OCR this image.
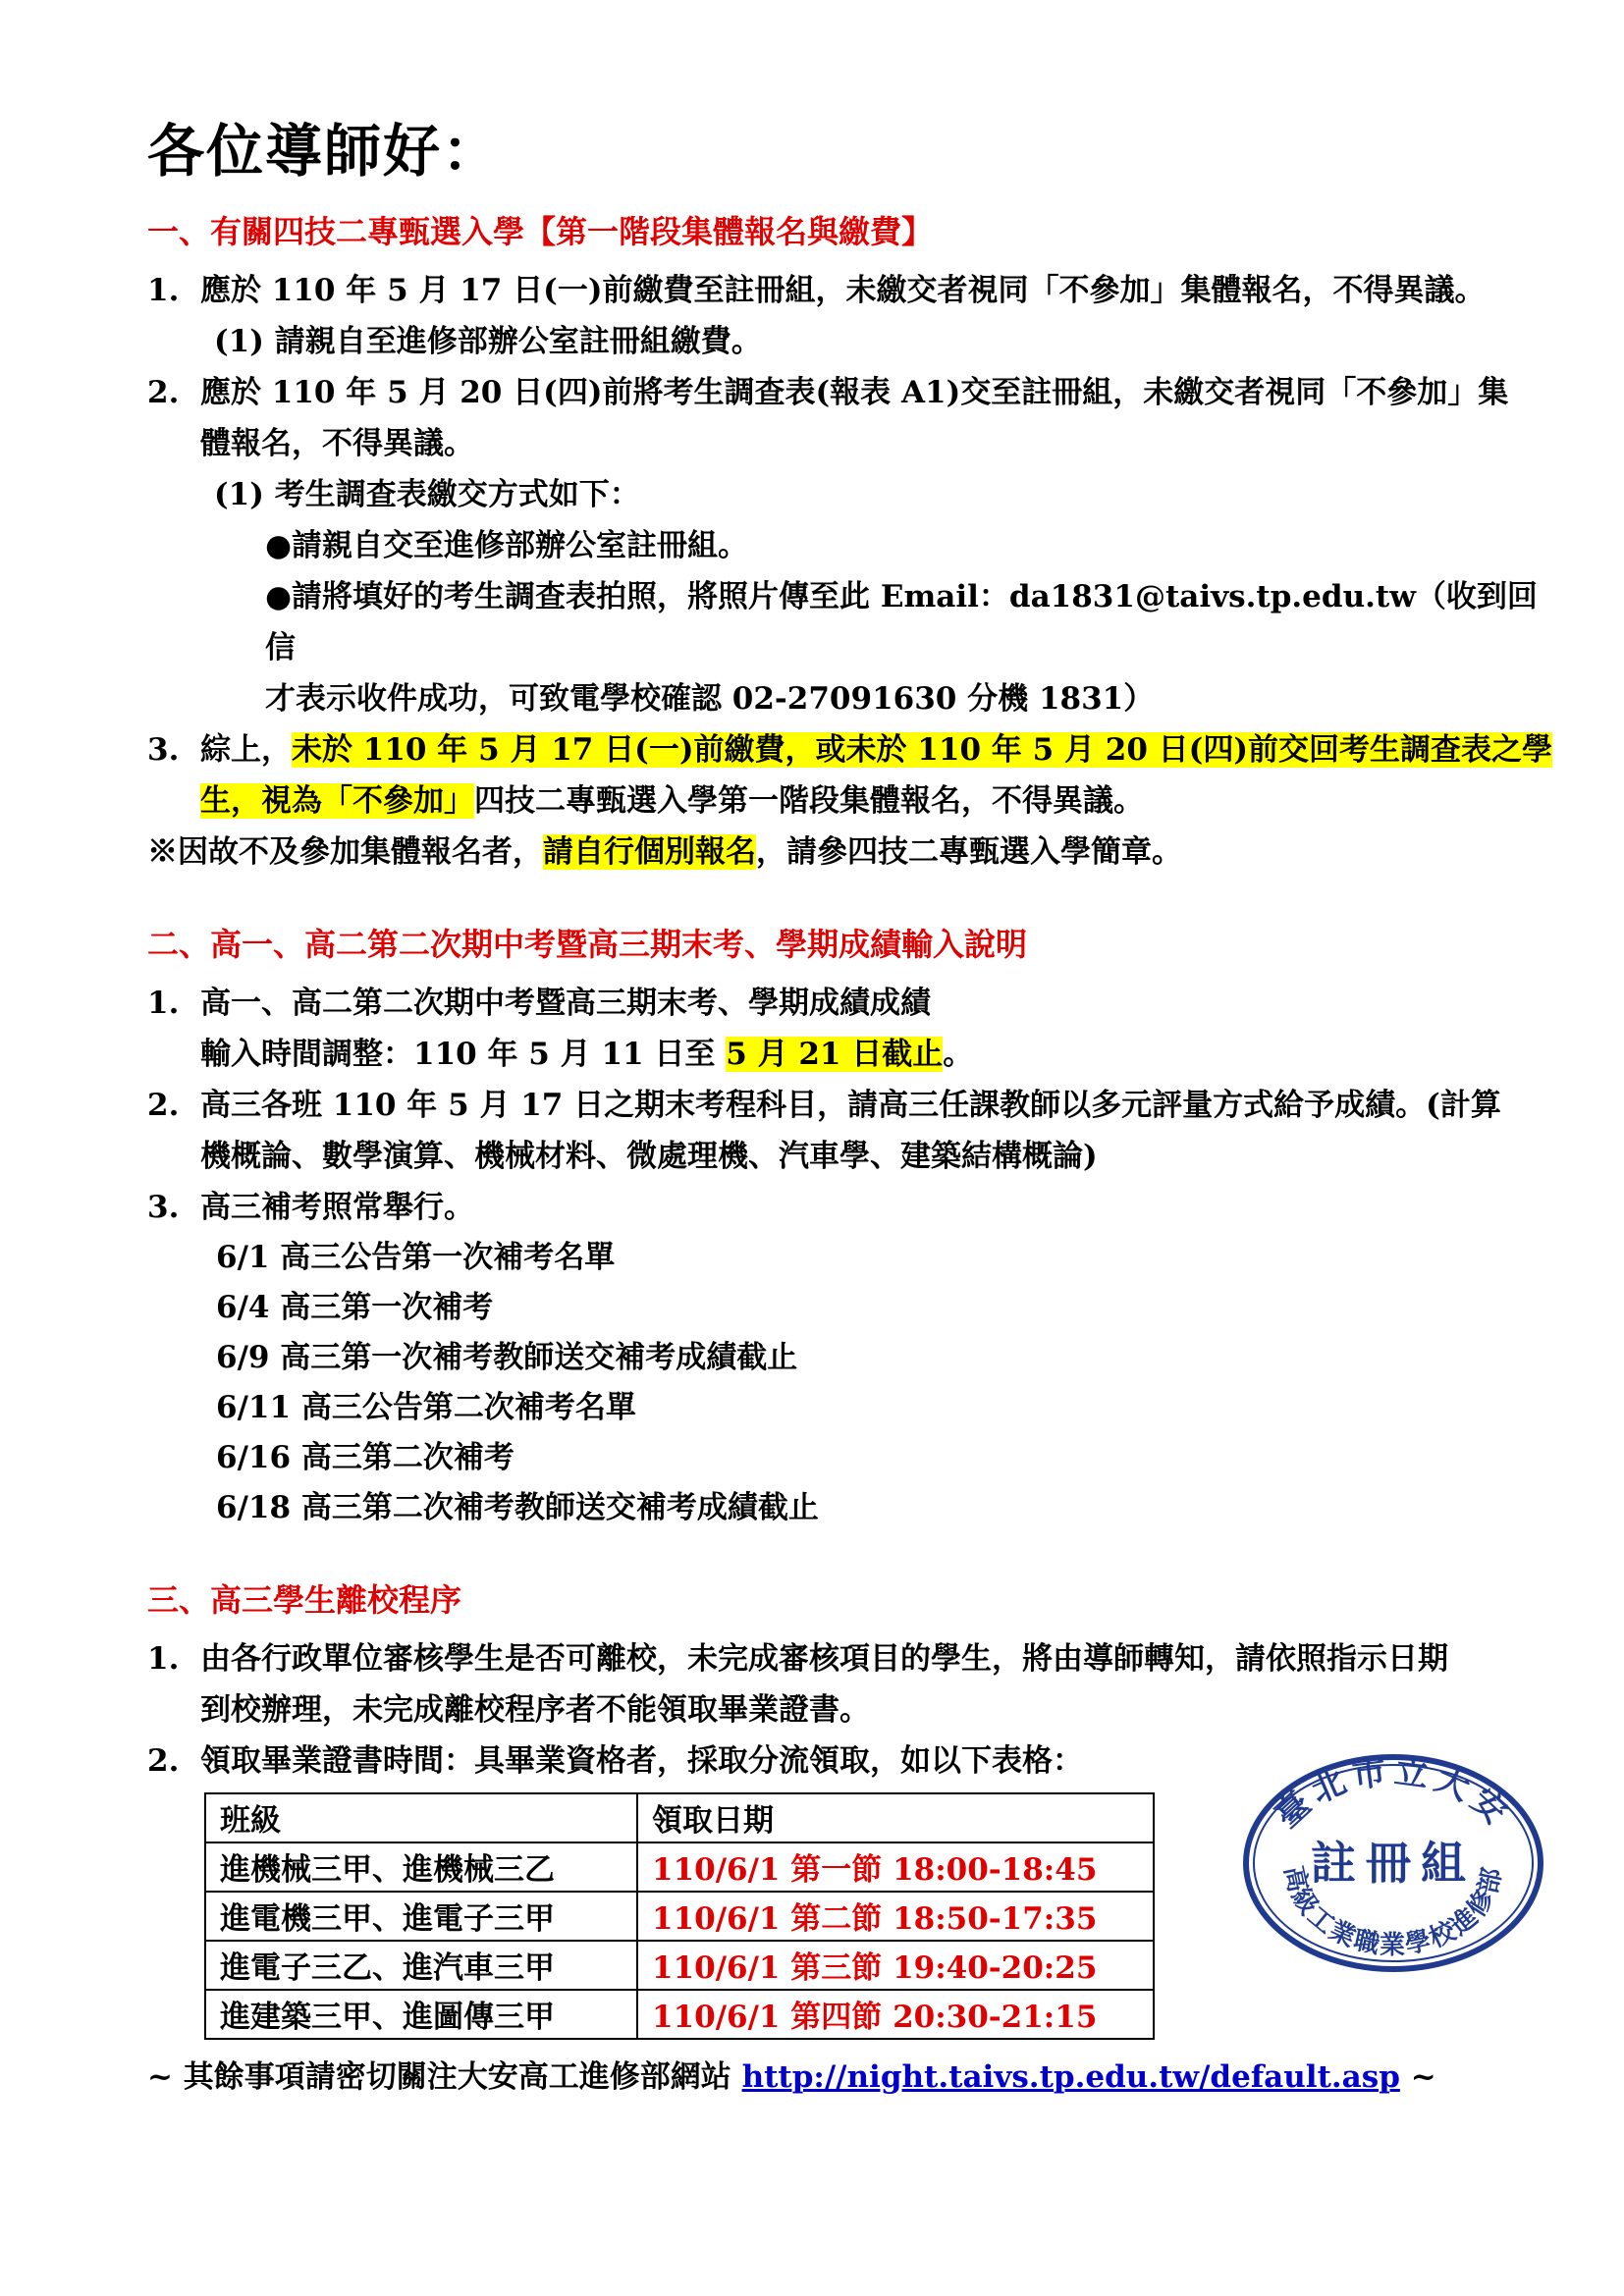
各位導師好：
一、有關四技二專甄選入學【第一階段集體報名與繳費】
1. 應於 110 年 5 月 17 日(一)前繳費至註冊組，未繳交者視同「不參加」集體報名，不得異議。
(1) 請親自至進修部辦公室註冊組繳費。
2. 應於 110 年 5 月 20 日(四)前將考生調查表(報表 A1)交至註冊組，未繳交者視同「不參加」集
體報名，不得異議。
(1) 考生調查表繳交方式如下：
●請親自交至進修部辦公室註冊組。
●請將填好的考生調查表拍照，將照片傳至此 Email：da1831@taivs.tp.edu.tw（收到回信
才表示收件成功，可致電學校確認 02-27091630 分機 1831）
3. 綜上，未於 110 年 5 月 17 日(一)前繳費，或未於 110 年 5 月 20 日(四)前交回考生調查表之學
生，視為「不參加」四技二專甄選入學第一階段集體報名，不得異議。
※因故不及參加集體報名者，請自行個別報名，請參四技二專甄選入學簡章。
二、高一、高二第二次期中考暨高三期末考、學期成績輸入說明
1. 高一、高二第二次期中考暨高三期末考、學期成績成績
輸入時間調整：110 年 5 月 11 日至 5 月 21 日截止。
2. 高三各班 110 年 5 月 17 日之期末考程科目，請高三任課教師以多元評量方式給予成績。(計算
機概論、數學演算、機械材料、微處理機、汽車學、建築結構概論)
3. 高三補考照常舉行。
6/1 高三公告第一次補考名單
6/4 高三第一次補考
6/9 高三第一次補考教師送交補考成績截止
6/11 高三公告第二次補考名單
6/16 高三第二次補考
6/18 高三第二次補考教師送交補考成績截止
三、高三學生離校程序
1. 由各行政單位審核學生是否可離校，未完成審核項目的學生，將由導師轉知，請依照指示日期
到校辦理，未完成離校程序者不能領取畢業證書。
2. 領取畢業證書時間：具畢業資格者，採取分流領取，如以下表格：
班級	領取日期
進機械三甲、進機械三乙	110/6/1 第一節 18:00-18:45
進電機三甲、進電子三甲	110/6/1 第二節 18:50-17:35
進電子三乙、進汽車三甲	110/6/1 第三節 19:40-20:25
進建築三甲、進圖傳三甲	110/6/1 第四節 20:30-21:15
臺北市立大安
註冊組
高級工業職業學校進修部
~ 其餘事項請密切關注大安高工進修部網站 http://night.taivs.tp.edu.tw/default.asp ~
